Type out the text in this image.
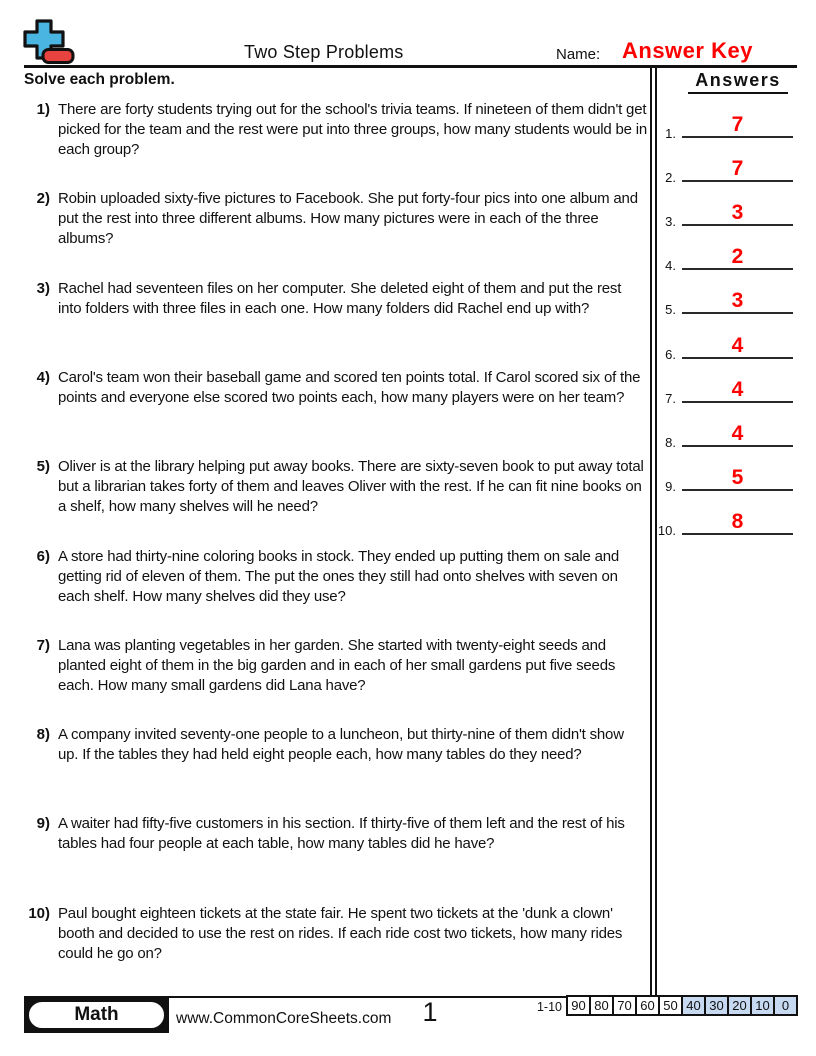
Two Step Problems	Name: Answer Key
Solve each problem.
1) There are forty students trying out for the school's trivia teams. If nineteen of them didn't get picked for the team and the rest were put into three groups, how many students would be in each group?
2) Robin uploaded sixty-five pictures to Facebook. She put forty-four pics into one album and put the rest into three different albums. How many pictures were in each of the three albums?
3) Rachel had seventeen files on her computer. She deleted eight of them and put the rest into folders with three files in each one. How many folders did Rachel end up with?
4) Carol's team won their baseball game and scored ten points total. If Carol scored six of the points and everyone else scored two points each, how many players were on her team?
5) Oliver is at the library helping put away books. There are sixty-seven book to put away total but a librarian takes forty of them and leaves Oliver with the rest. If he can fit nine books on a shelf, how many shelves will he need?
6) A store had thirty-nine coloring books in stock. They ended up putting them on sale and getting rid of eleven of them. The put the ones they still had onto shelves with seven on each shelf. How many shelves did they use?
7) Lana was planting vegetables in her garden. She started with twenty-eight seeds and planted eight of them in the big garden and in each of her small gardens put five seeds each. How many small gardens did Lana have?
8) A company invited seventy-one people to a luncheon, but thirty-nine of them didn't show up. If the tables they had held eight people each, how many tables do they need?
9) A waiter had fifty-five customers in his section. If thirty-five of them left and the rest of his tables had four people at each table, how many tables did he have?
10) Paul bought eighteen tickets at the state fair. He spent two tickets at the 'dunk a clown' booth and decided to use the rest on rides. If each ride cost two tickets, how many rides could he go on?
Answers
1.	7
2.	7
3.	3
4.	2
5.	3
6.	4
7.	4
8.	4
9.	5
10.	8
Math	www.CommonCoreSheets.com	1	1-10 90 80 70 60 50 40 30 20 10 0
